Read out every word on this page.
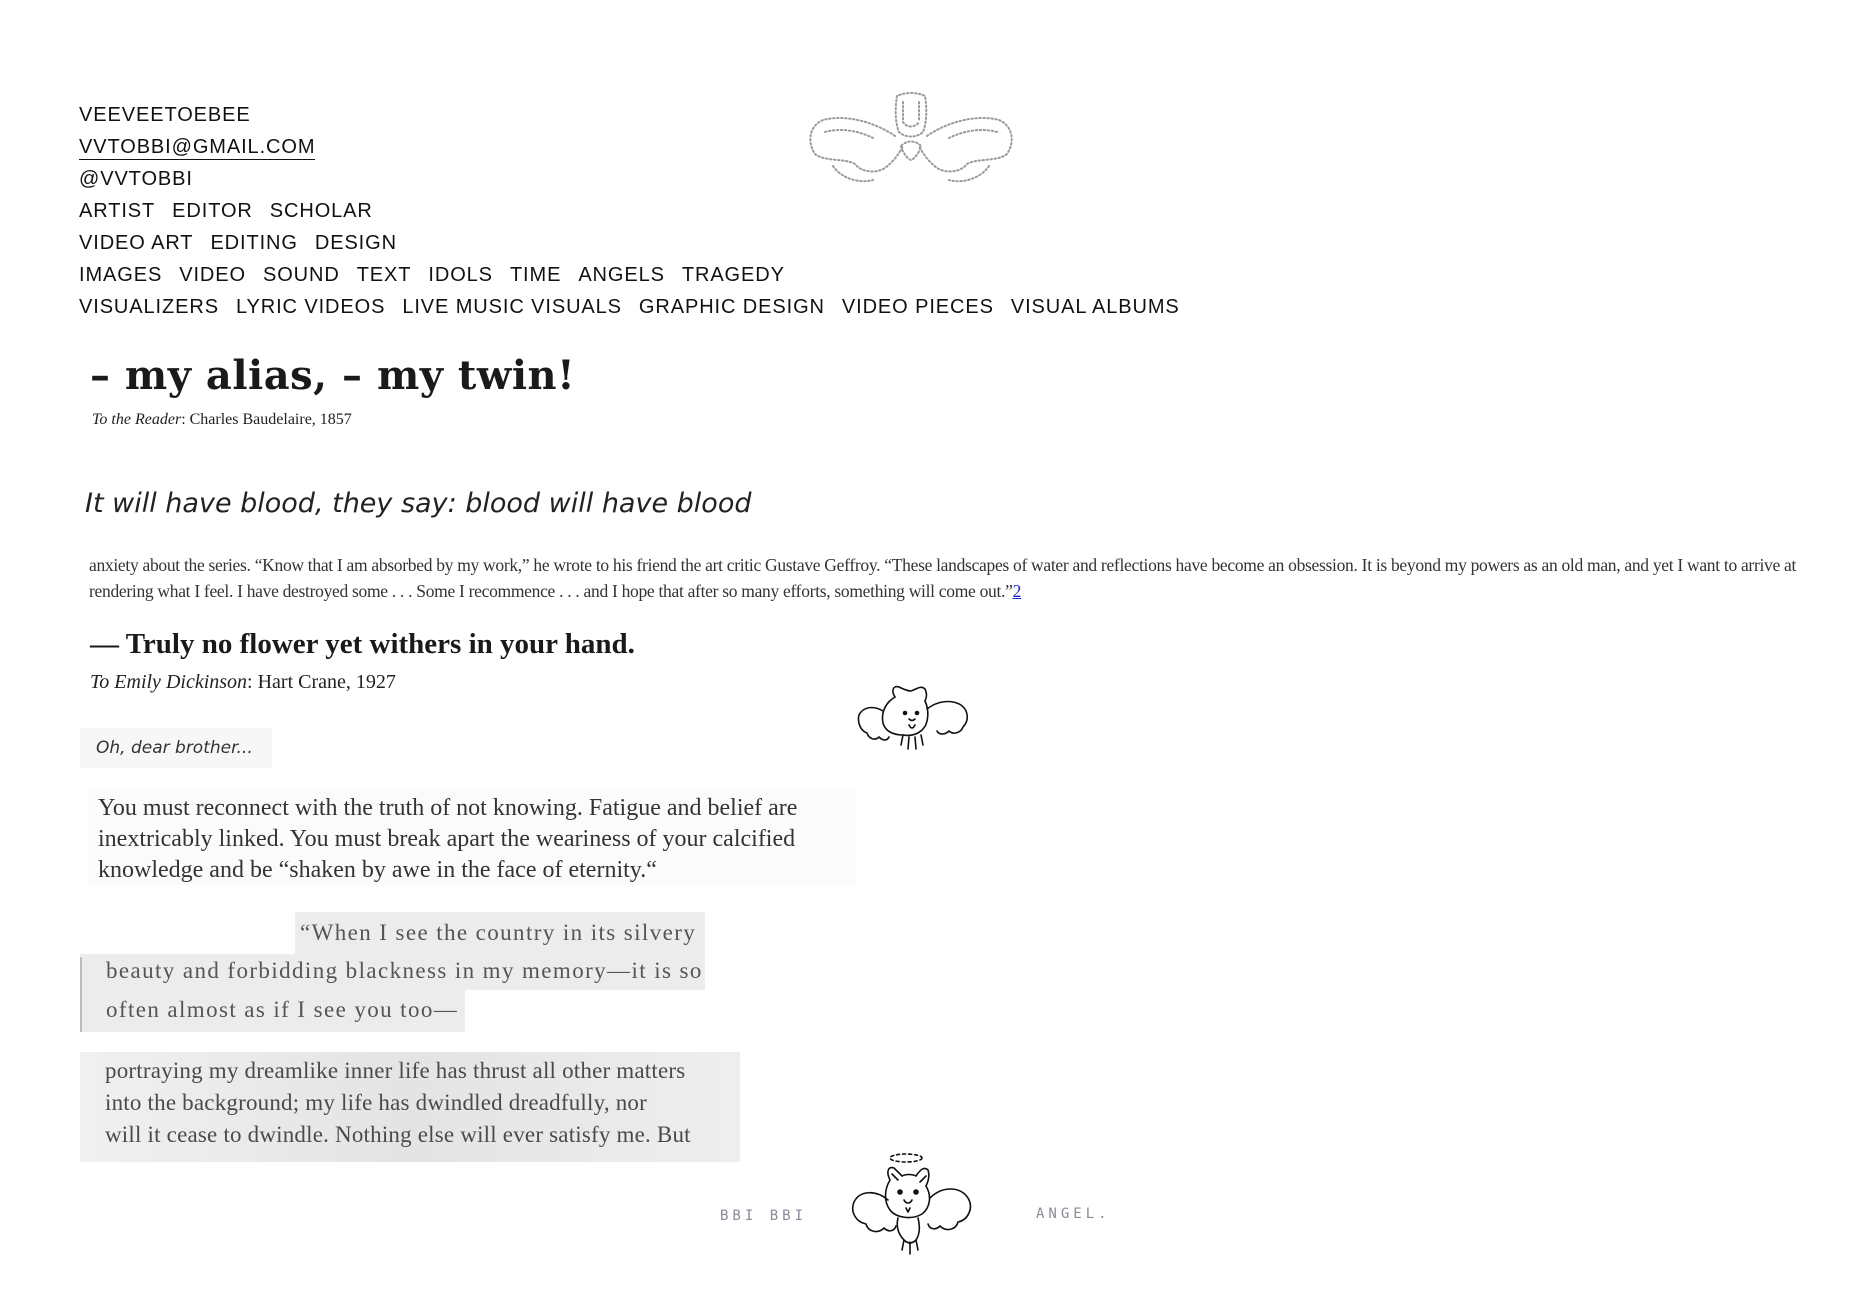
VEEVEETOEBEE
VVTOBBI@GMAIL.COM
@VVTOBBI
ARTIST EDITOR SCHOLAR
VIDEO ART EDITING DESIGN
IMAGES VIDEO SOUND TEXT IDOLS TIME ANGELS TRAGEDY
VISUALIZERS LYRIC VIDEOS LIVE MUSIC VISUALS GRAPHIC DESIGN VIDEO PIECES VISUAL ALBUMS
– my alias, – my twin!
To the Reader: Charles Baudelaire, 1857
It will have blood, they say: blood will have blood
anxiety about the series. “Know that I am absorbed by my work,” he wrote to his friend the art critic Gustave Geffroy. “These landscapes of water and reflections have become an obsession. It is beyond my powers as an old man, and yet I want to arrive at rendering what I feel. I have destroyed some . . . Some I recommence . . . and I hope that after so many efforts, something will come out.”2
— Truly no flower yet withers in your hand.
To Emily Dickinson: Hart Crane, 1927
Oh, dear brother...
You must reconnect with the truth of not knowing. Fatigue and belief are inextricably linked. You must break apart the weariness of your calcified knowledge and be “shaken by awe in the face of eternity.“
“When I see the country in its silvery
beauty and forbidding blackness in my memory—it is so
often almost as if I see you too—
portraying my dreamlike inner life has thrust all other matters
into the background; my life has dwindled dreadfully, nor
will it cease to dwindle. Nothing else will ever satisfy me. But
BBI BBI	ANGEL.
